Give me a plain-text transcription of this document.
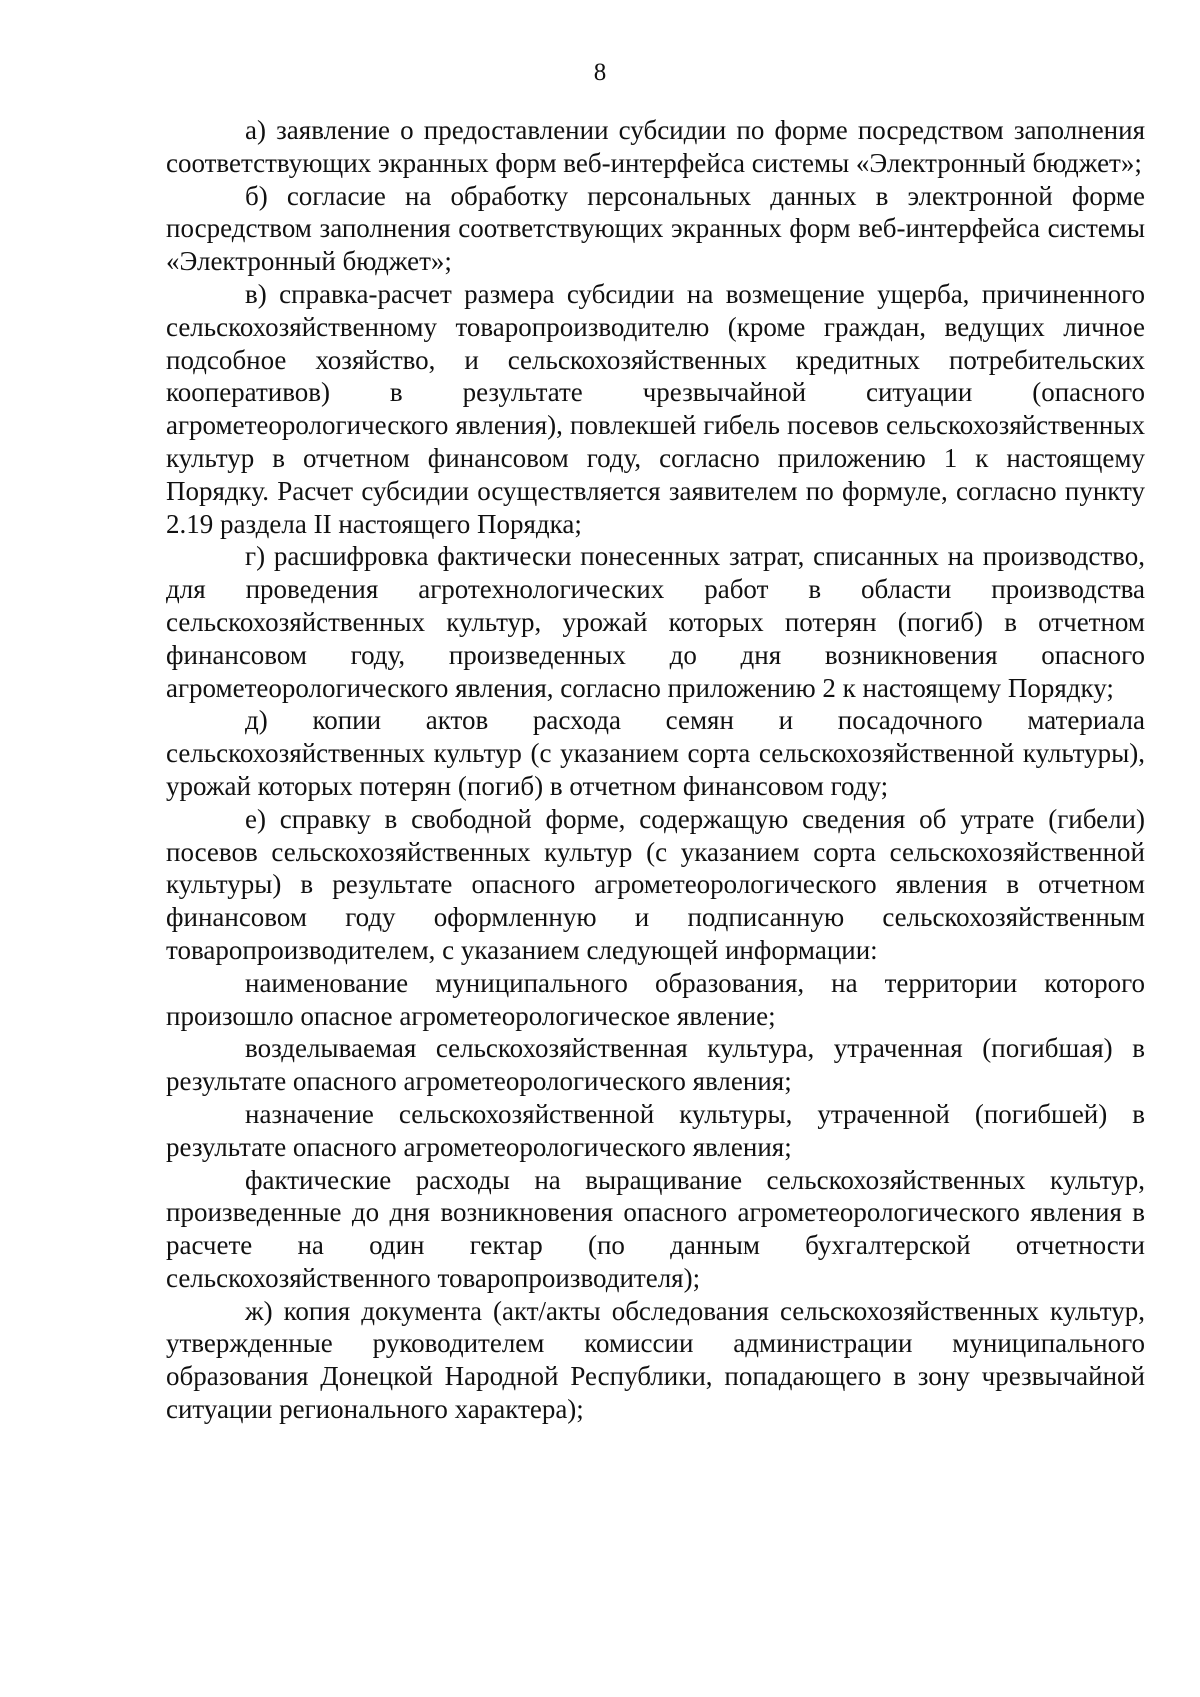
8

а) заявление о предоставлении субсидии по форме посредством заполнения соответствующих экранных форм веб-интерфейса системы «Электронный бюджет»;

б) согласие на обработку персональных данных в электронной форме посредством заполнения соответствующих экранных форм веб-интерфейса системы «Электронный бюджет»;

в) справка-расчет размера субсидии на возмещение ущерба, причиненного сельскохозяйственному товаропроизводителю (кроме граждан, ведущих личное подсобное хозяйство, и сельскохозяйственных кредитных потребительских кооперативов) в результате чрезвычайной ситуации (опасного агрометеорологического явления), повлекшей гибель посевов сельскохозяйственных культур в отчетном финансовом году, согласно приложению 1 к настоящему Порядку. Расчет субсидии осуществляется заявителем по формуле, согласно пункту 2.19 раздела II настоящего Порядка;

г) расшифровка фактически понесенных затрат, списанных на производство, для проведения агротехнологических работ в области производства сельскохозяйственных культур, урожай которых потерян (погиб) в отчетном финансовом году, произведенных до дня возникновения опасного агрометеорологического явления, согласно приложению 2 к настоящему Порядку;

д) копии актов расхода семян и посадочного материала сельскохозяйственных культур (с указанием сорта сельскохозяйственной культуры), урожай которых потерян (погиб) в отчетном финансовом году;

е) справку в свободной форме, содержащую сведения об утрате (гибели) посевов сельскохозяйственных культур (с указанием сорта сельскохозяйственной культуры) в результате опасного агрометеорологического явления в отчетном финансовом году оформленную и подписанную сельскохозяйственным товаропроизводителем, с указанием следующей информации:

наименование муниципального образования, на территории которого произошло опасное агрометеорологическое явление;

возделываемая сельскохозяйственная культура, утраченная (погибшая) в результате опасного агрометеорологического явления;

назначение сельскохозяйственной культуры, утраченной (погибшей) в результате опасного агрометеорологического явления;

фактические расходы на выращивание сельскохозяйственных культур, произведенные до дня возникновения опасного агрометеорологического явления в расчете на один гектар (по данным бухгалтерской отчетности сельскохозяйственного товаропроизводителя);

ж) копия документа (акт/акты обследования сельскохозяйственных культур, утвержденные руководителем комиссии администрации муниципального образования Донецкой Народной Республики, попадающего в зону чрезвычайной ситуации регионального характера);
